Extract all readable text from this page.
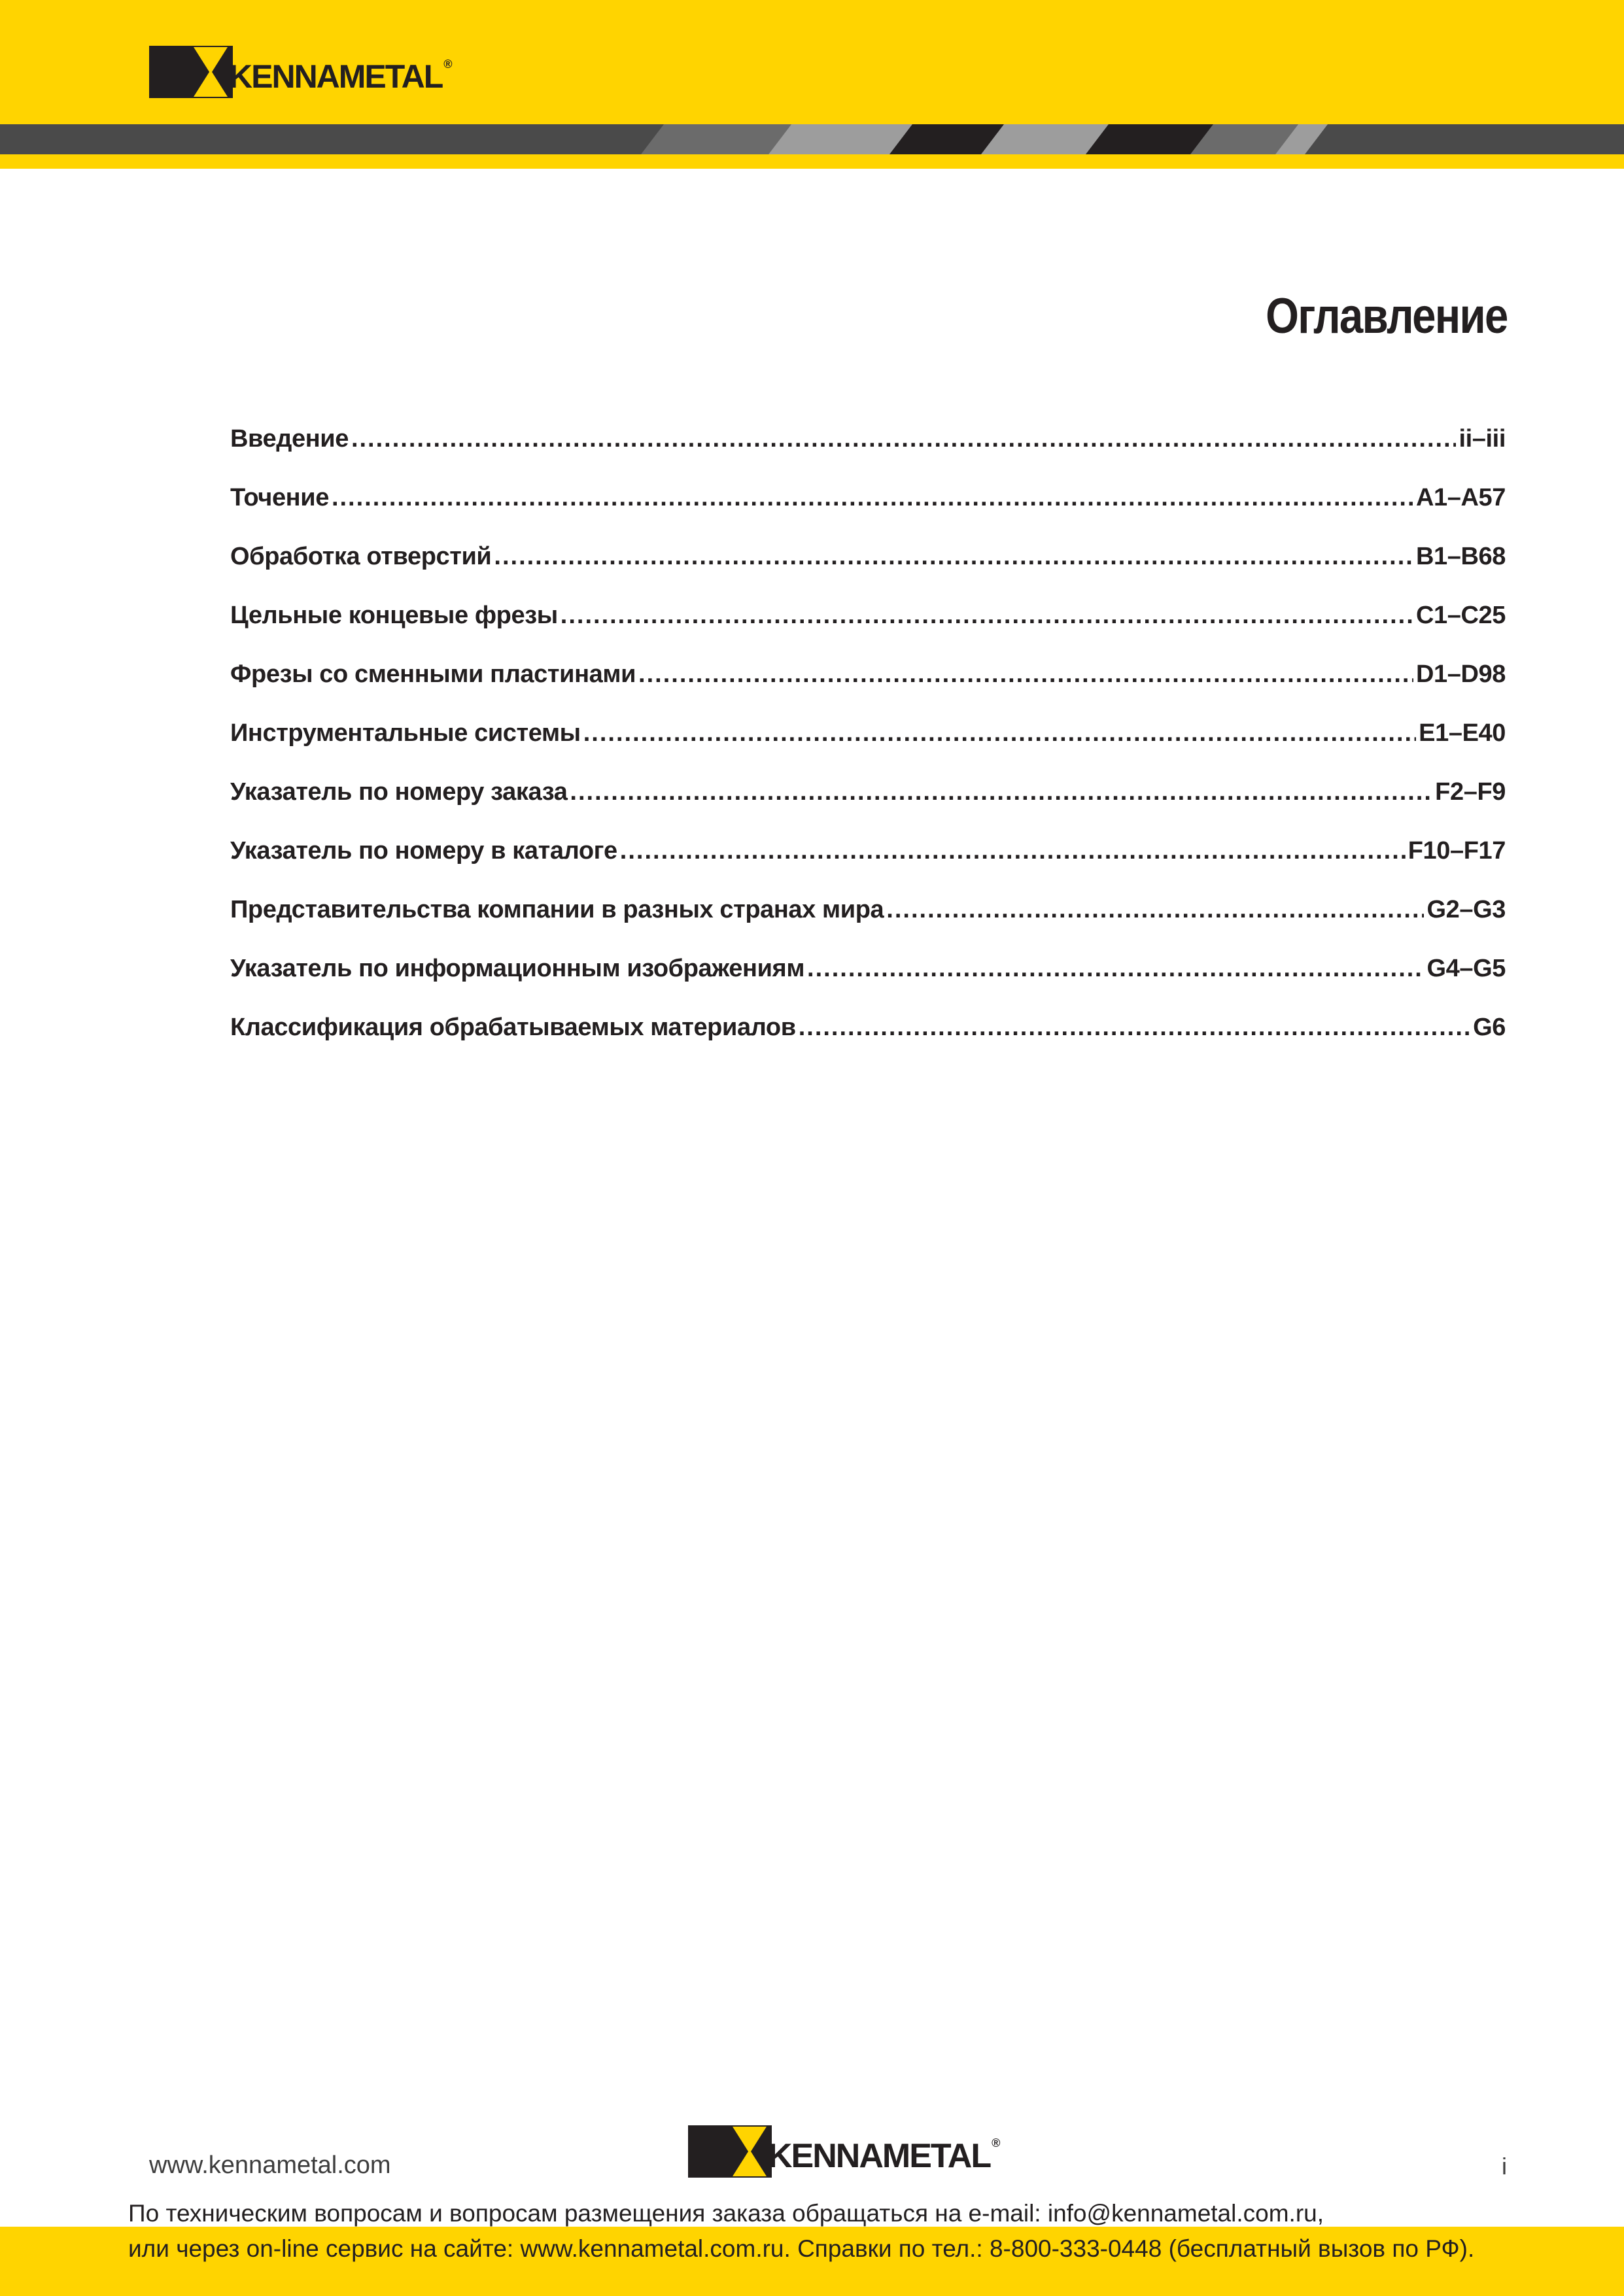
KENNAMETAL ®
Оглавление
Введение .....	ii–iii
Точение .....	A1–A57
Обработка отверстий .....	B1–B68
Цельные концевые фрезы .....	C1–C25
Фрезы со сменными пластинами .....	D1–D98
Инструментальные системы .....	E1–E40
Указатель по номеру заказа .....	F2–F9
Указатель по номеру в каталоге .....	F10–F17
Представительства компании в разных странах мира .....	G2–G3
Указатель по информационным изображениям .....	G4–G5
Классификация обрабатываемых материалов .....	G6
www.kennametal.com	KENNAMETAL ®
i
По техническим вопросам и вопросам размещения заказа обращаться на e-mail: info@kennametal.com.ru,
или через on-line сервис на сайте: www.kennametal.com.ru. Справки по тел.: 8-800-333-0448 (бесплатный вызов по РФ).
